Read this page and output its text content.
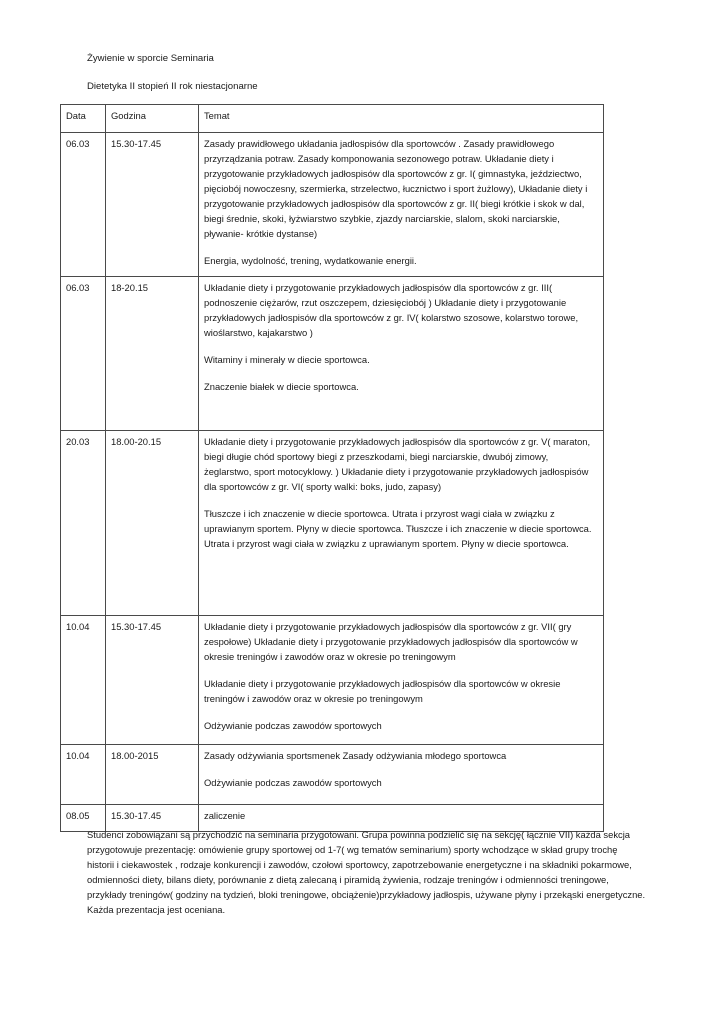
Żywienie w sporcie Seminaria

Dietetyka II stopień II rok niestacjonarne

Data	Godzina	Temat
06.03	15.30-17.45	Zasady prawidłowego układania jadłospisów dla sportowców . Zasady prawidłowego przyrządzania potraw. Zasady komponowania sezonowego potraw. Układanie diety i przygotowanie przykładowych jadłospisów dla sportowców z gr. I( gimnastyka, jeździectwo, pięciobój nowoczesny, szermierka, strzelectwo, łucznictwo i sport żużlowy), Układanie diety i przygotowanie przykładowych jadłospisów dla sportowców z gr. II( biegi krótkie i skok w dal, biegi średnie, skoki, łyżwiarstwo szybkie, zjazdy narciarskie, slalom, skoki narciarskie, pływanie- krótkie dystanse)
Energia, wydolność, trening, wydatkowanie energii.

06.03	18-20.15	Układanie diety i przygotowanie przykładowych jadłospisów dla sportowców z gr. III( podnoszenie ciężarów, rzut oszczepem, dziesięciobój ) Układanie diety i przygotowanie przykładowych jadłospisów dla sportowców z gr. IV( kolarstwo szosowe, kolarstwo torowe, wioślarstwo, kajakarstwo )
Witaminy i minerały w diecie sportowca.
Znaczenie białek w diecie sportowca.

20.03	18.00-20.15	Układanie diety i przygotowanie przykładowych jadłospisów dla sportowców z gr. V( maraton, biegi długie chód sportowy biegi z przeszkodami, biegi narciarskie, dwubój zimowy, żeglarstwo, sport motocyklowy. ) Układanie diety i przygotowanie przykładowych jadłospisów dla sportowców z gr. VI( sporty walki: boks, judo, zapasy)
Tłuszcze i ich znaczenie w diecie sportowca. Utrata i przyrost wagi ciała w związku z uprawianym sportem. Płyny w diecie sportowca. Tłuszcze i ich znaczenie w diecie sportowca. Utrata i przyrost wagi ciała w związku z uprawianym sportem. Płyny w diecie sportowca.

10.04	15.30-17.45	Układanie diety i przygotowanie przykładowych jadłospisów dla sportowców z gr. VII( gry zespołowe) Układanie diety i przygotowanie przykładowych jadłospisów dla sportowców w okresie treningów i zawodów oraz w okresie po treningowym
Układanie diety i przygotowanie przykładowych jadłospisów dla sportowców w okresie treningów i zawodów oraz w okresie po treningowym
Odżywianie podczas zawodów sportowych

10.04	18.00-2015	Zasady odżywiania sportsmenek Zasady odżywiania młodego sportowca
Odżywianie podczas zawodów sportowych

08.05	15.30-17.45	zaliczenie

Studenci zobowiązani są przychodzić na seminaria przygotowani. Grupa powinna podzielić się na sekcję( łącznie VII) każda sekcja przygotowuje prezentację: omówienie grupy sportowej od 1-7( wg tematów seminarium) sporty wchodzące w skład grupy trochę historii i ciekawostek , rodzaje konkurencji i zawodów, czołowi sportowcy, zapotrzebowanie energetyczne i na składniki pokarmowe, odmienności diety, bilans diety, porównanie z dietą zalecaną i piramidą żywienia, rodzaje treningów i odmienności treningowe, przykłady treningów( godziny na tydzień, bloki treningowe, obciążenie)przykładowy jadłospis, używane płyny i przekąski energetyczne. Każda prezentacja jest oceniana.
